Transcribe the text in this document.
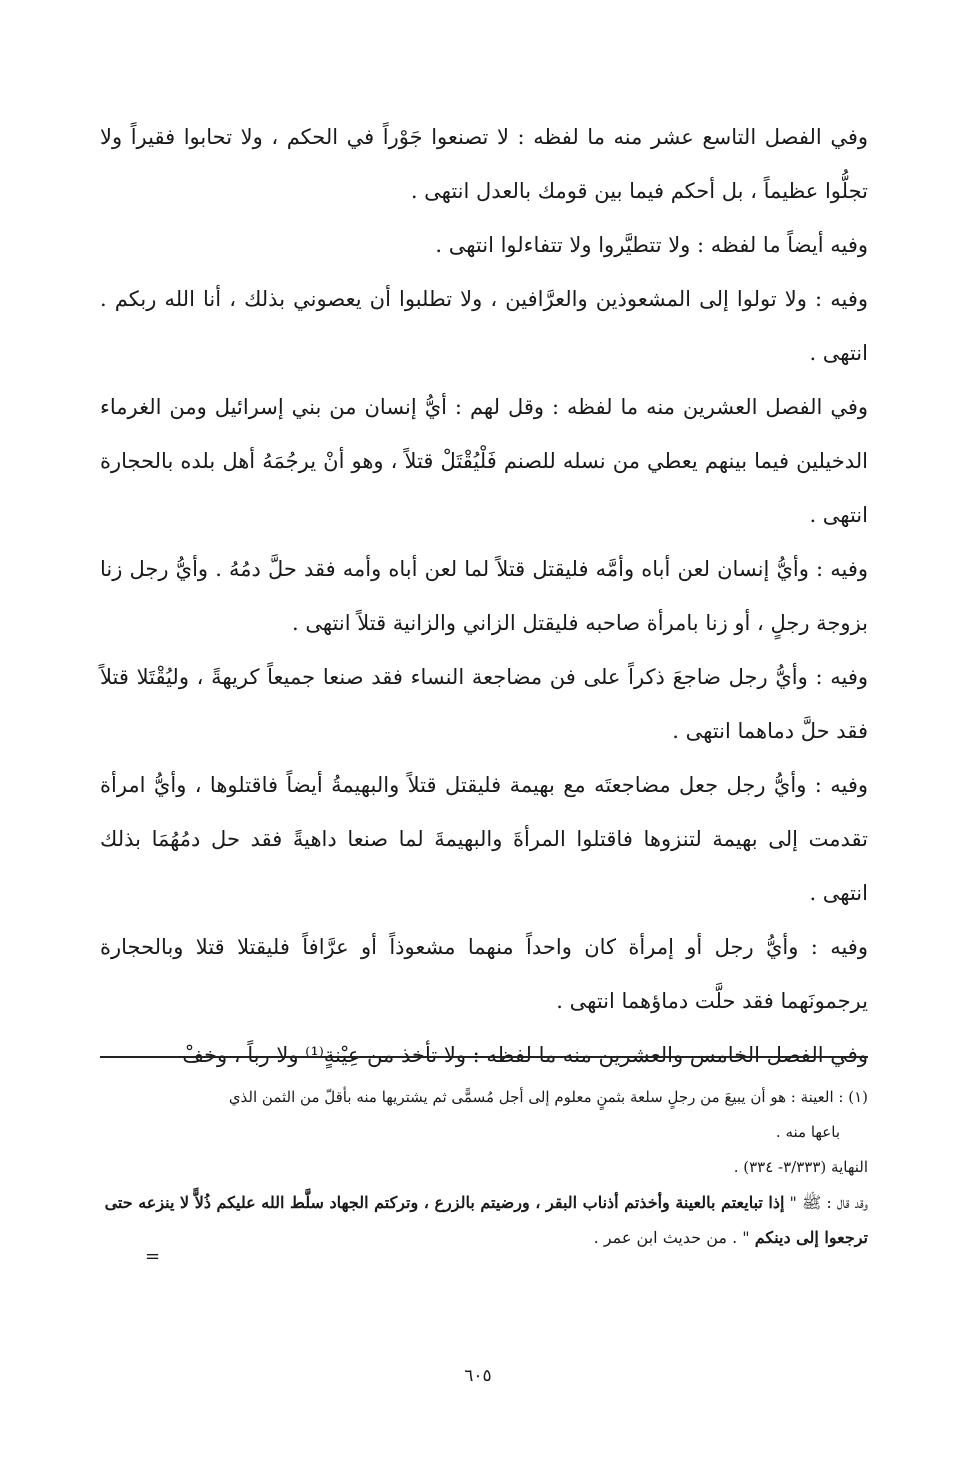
وفي الفصل التاسع عشر منه ما لفظه : لا تصنعوا جَوْراً في الحكم ، ولا تحابوا فقيراً ولا تجلُّوا عظيماً ، بل أحكم فيما بين قومك بالعدل انتهى .

وفيه أيضاً ما لفظه : ولا تتطيَّروا ولا تتفاءلوا انتهى .

وفيه : ولا تولوا إلى المشعوذين والعرَّافين ، ولا تطلبوا أن يعصوني بذلك ، أنا الله ربكم . انتهى .

وفي الفصل العشرين منه ما لفظه : وقل لهم : أيُّ إنسان من بني إسرائيل ومن الغرماء الدخيلين فيما بينهم يعطي من نسله للصنم فَلْيُقْتَلْ قتلاً ، وهو أنْ يرجُمَهُ أهل بلده بالحجارة انتهى .

وفيه : وأيُّ إنسان لعن أباه وأمَّه فليقتل قتلاً لما لعن أباه وأمه فقد حلَّ دمُهُ . وأيُّ رجل زنا بزوجة رجلٍ ، أو زنا بامرأة صاحبه فليقتل الزاني والزانية قتلاً انتهى .

وفيه : وأيُّ رجل ضاجعَ ذكراً على فن مضاجعة النساء فقد صنعا جميعاً كريهةً ، وليُقْتَلا قتلاً فقد حلَّ دماهما انتهى .

وفيه : وأيُّ رجل جعل مضاجعتَه مع بهيمة فليقتل قتلاً والبهيمةُ أيضاً فاقتلوها ، وأيُّ امرأة تقدمت إلى بهيمة لتنزوها فاقتلوا المرأةَ والبهيمةَ لما صنعا داهيةً فقد حل دمُهُمَا بذلك انتهى .

وفيه : وأيُّ رجل أو إمرأة كان واحداً منهما مشعوذاً أو عرَّافاً فليقتلا قتلا وبالحجارة يرجمونَهما فقد حلَّت دماؤهما انتهى .

وفي الفصل الخامس والعشرين منه ما لفظه : ولا تأخذ من عِيْنةٍ⁽¹⁾ ولا رباً ، وخفْ

(١) : العينة : هو أن يبيعَ من رجلٍ سلعة بثمنٍ معلوم إلى أجل مُسمًّى ثم يشتريها منه بأقلّ من الثمن الذي

باعها منه .

النهاية (٣/٣٣٣- ٣٣٤) .

وقد قال : ﷺ " إذا تبايعتم بالعينة وأخذتم أذناب البقر ، ورضيتم بالزرع ، وتركتم الجهاد سلَّط الله عليكم ذُلاًّ لا ينزعه حتى ترجعوا إلى دينكم " . من حديث ابن عمر .

=
٦٠٥
